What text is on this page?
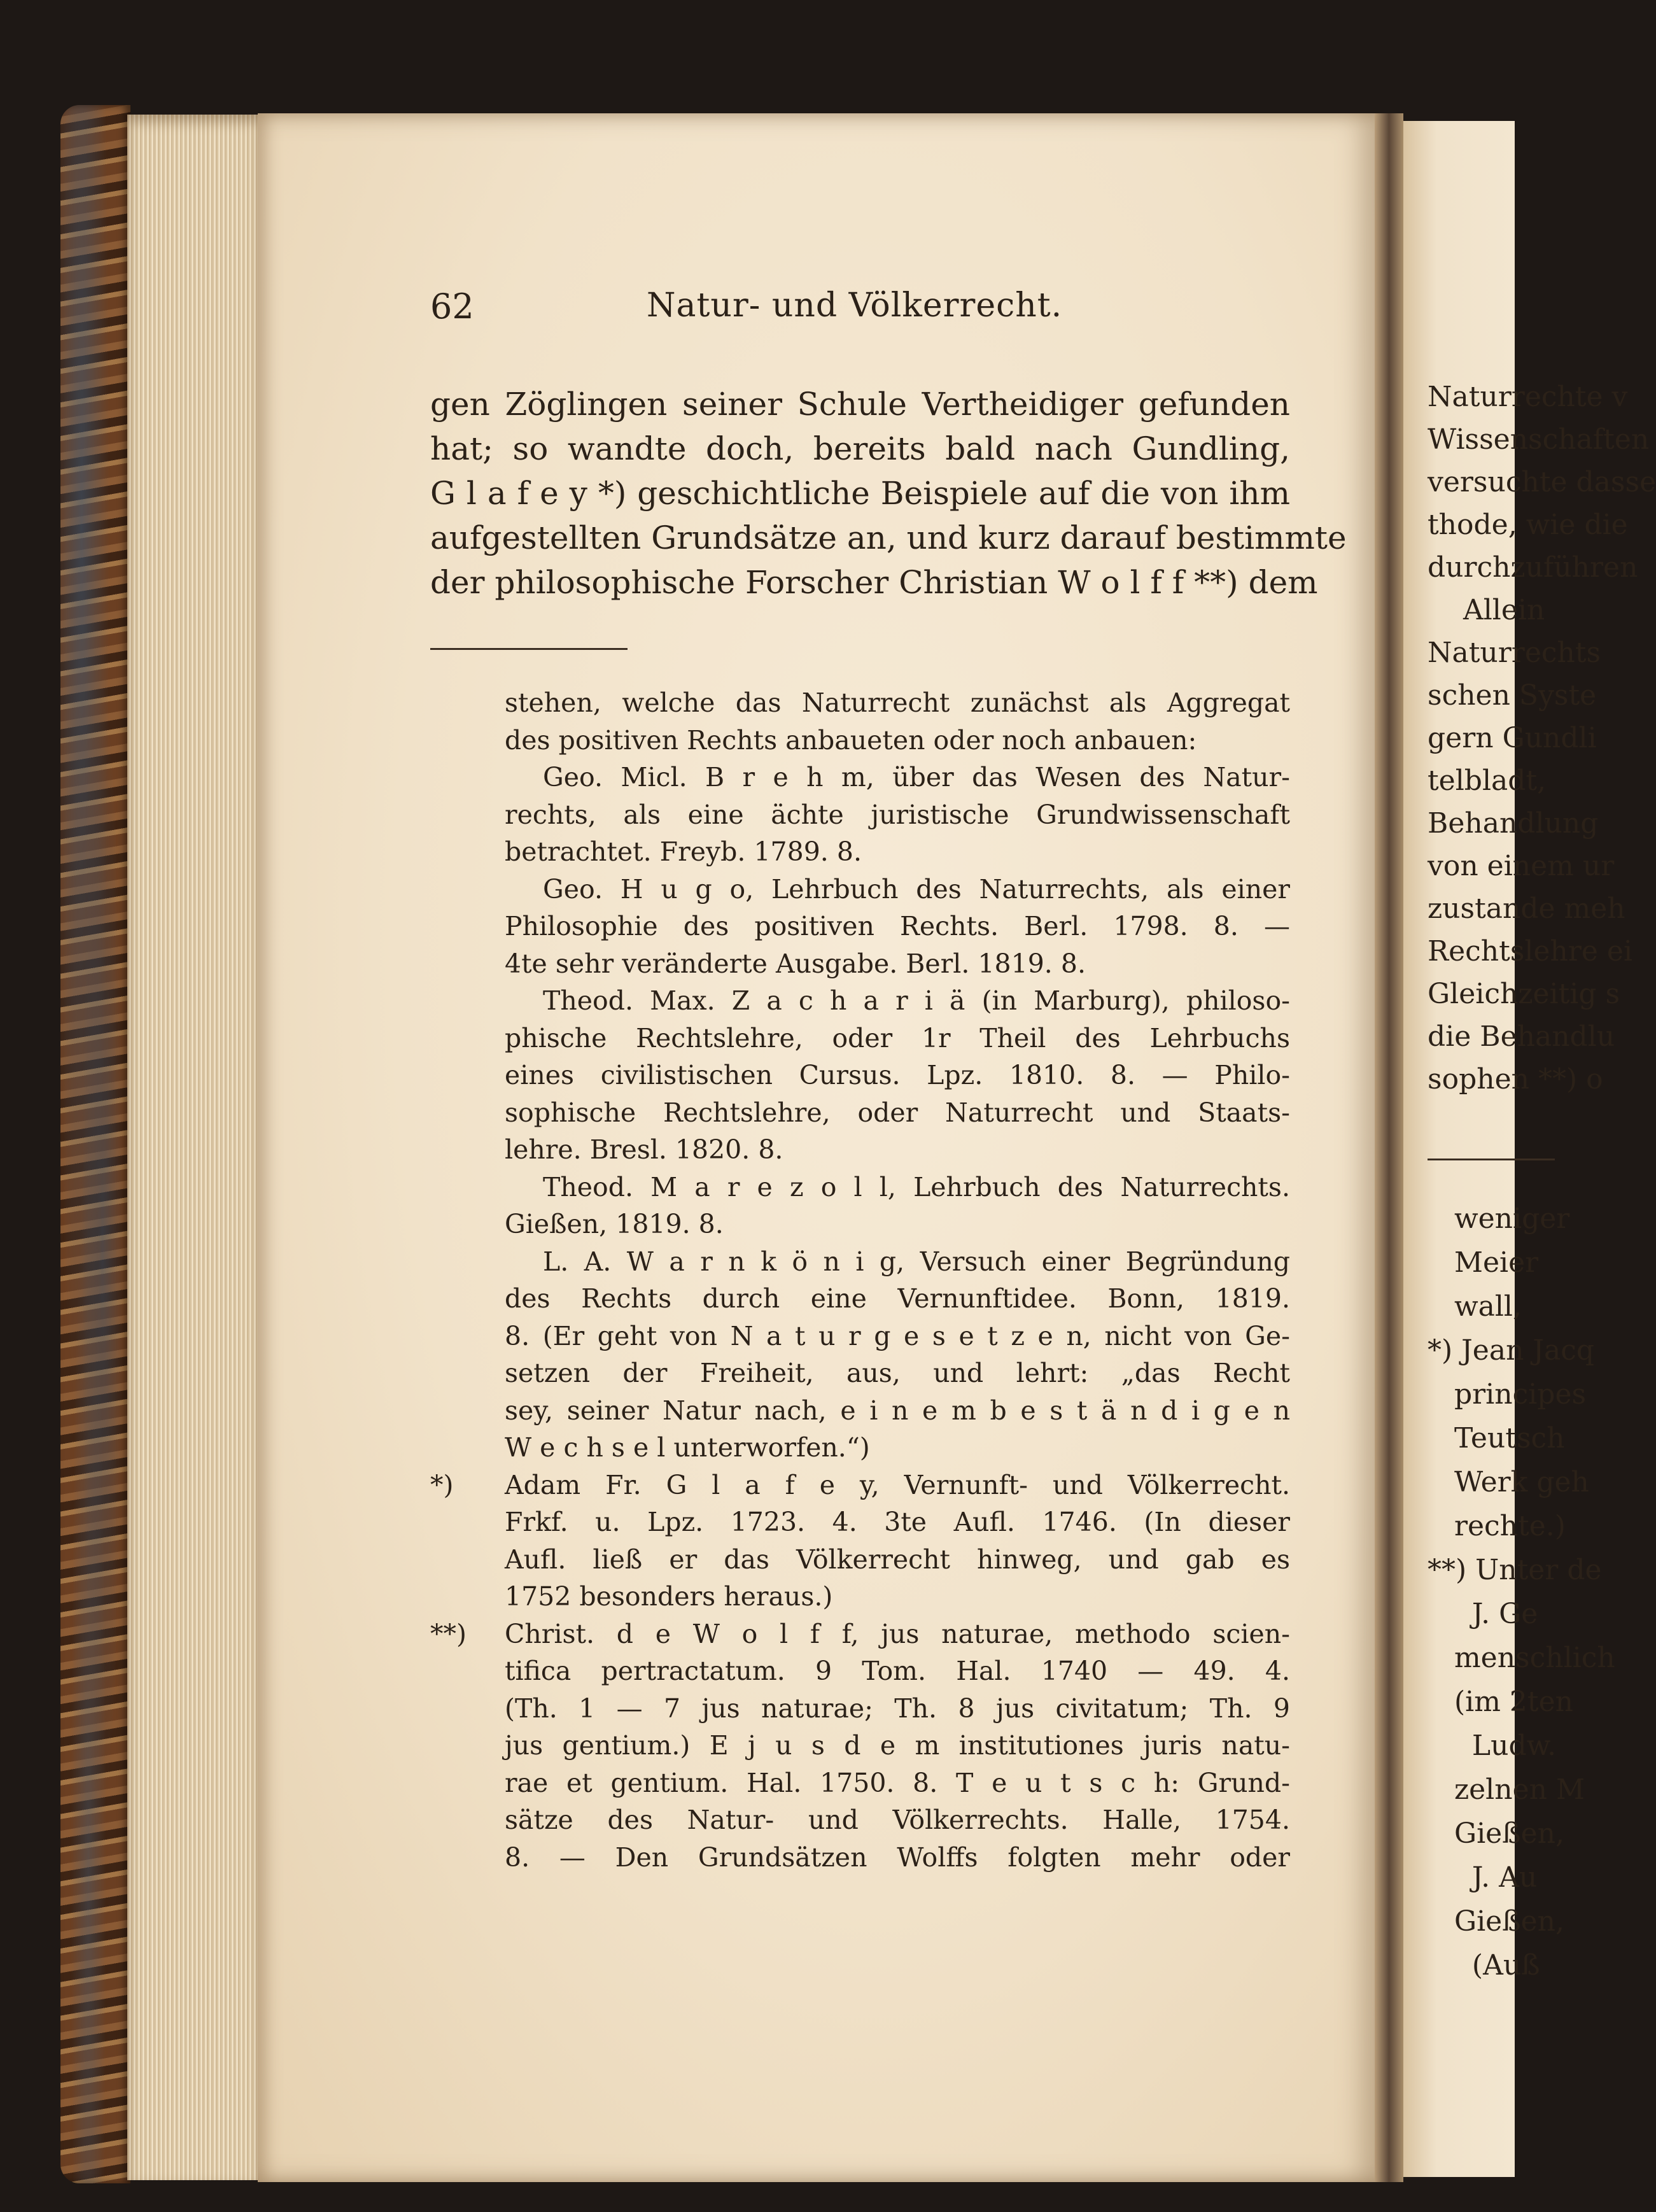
62	Natur- und Völkerrecht.
gen Zöglingen seiner Schule Vertheidiger gefunden
hat; so wandte doch, bereits bald nach Gundling,
G l a f e y *) geschichtliche Beispiele auf die von ihm
aufgestellten Grundsätze an, und kurz darauf bestimmte
der philosophische Forscher Christian W o l f f **) dem
stehen, welche das Naturrecht zunächst als Aggregat
des positiven Rechts anbaueten oder noch anbauen:
Geo. Micl. B r e h m, über das Wesen des Natur-
rechts, als eine ächte juristische Grundwissenschaft
betrachtet. Freyb. 1789. 8.
Geo. H u g o, Lehrbuch des Naturrechts, als einer
Philosophie des positiven Rechts. Berl. 1798. 8. —
4te sehr veränderte Ausgabe. Berl. 1819. 8.
Theod. Max. Z a c h a r i ä (in Marburg), philoso-
phische Rechtslehre, oder 1r Theil des Lehrbuchs
eines civilistischen Cursus. Lpz. 1810. 8. — Philo-
sophische Rechtslehre, oder Naturrecht und Staats-
lehre. Bresl. 1820. 8.
Theod. M a r e z o l l, Lehrbuch des Naturrechts.
Gießen, 1819. 8.
L. A. W a r n k ö n i g, Versuch einer Begründung
des Rechts durch eine Vernunftidee. Bonn, 1819.
8. (Er geht von N a t u r g e s e t z e n, nicht von Ge-
setzen der Freiheit, aus, und lehrt: „das Recht
sey, seiner Natur nach, e i n e m b e s t ä n d i g e n
W e c h s e l unterworfen.“)
*) Adam Fr. G l a f e y, Vernunft- und Völkerrecht.
Frkf. u. Lpz. 1723. 4. 3te Aufl. 1746. (In dieser
Aufl. ließ er das Völkerrecht hinweg, und gab es
1752 besonders heraus.)
**) Christ. d e W o l f f, jus naturae, methodo scien-
tifica pertractatum. 9 Tom. Hal. 1740 — 49. 4.
(Th. 1 — 7 jus naturae; Th. 8 jus civitatum; Th. 9
jus gentium.) E j u s d e m institutiones juris natu-
rae et gentium. Hal. 1750. 8. T e u t s c h: Grund-
sätze des Natur- und Völkerrechts. Halle, 1754.
8. — Den Grundsätzen Wolffs folgten mehr oder
Naturrechte v
Wissenschaften
versuchte dasse
thode, wie die
durchzuführen
Allein
Naturrechts
schen Syste
gern Gundli
telbladt,
Behandlung
von einem ur
zustande meh
Rechtslehre ei
Gleichzeitig s
die Behandlu
sophen **) o
weniger
Meier
wall,
*) Jean Jacq
principes
Teutsch
Werk geh
rechte.)
**) Unter de
J. Ge
menschlich
(im 2ten
Ludw.
zelnen M
Gießen,
J. Au
Gießen,
(Auß
